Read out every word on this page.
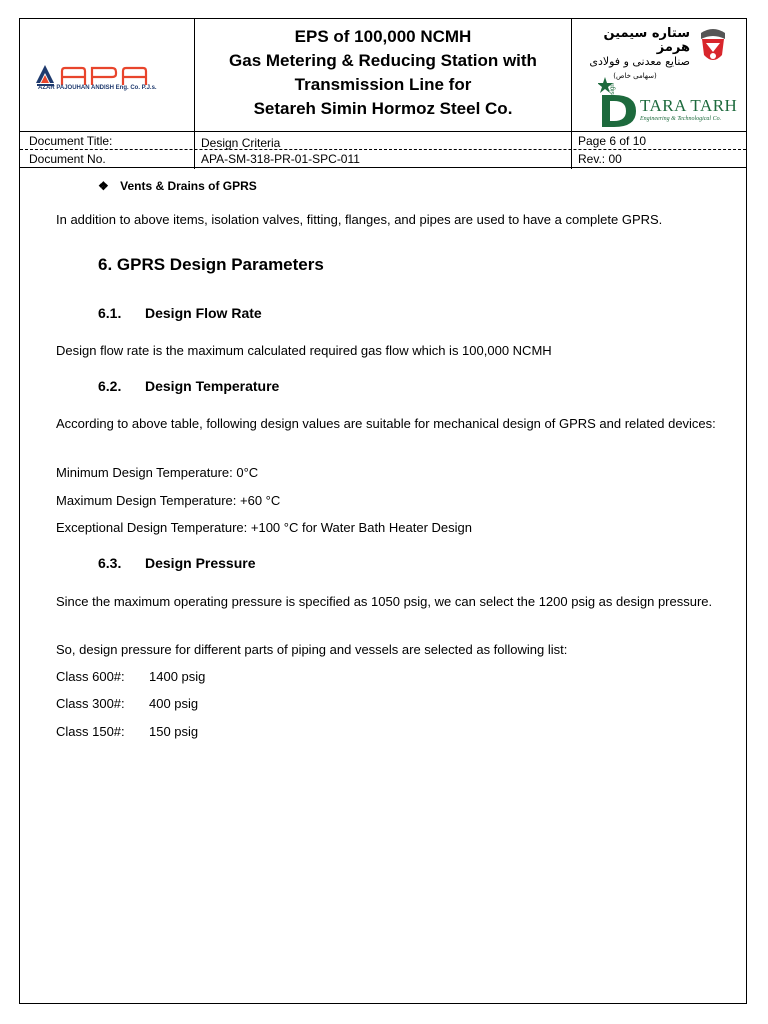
AZAR PAJOUHAN ANDISH Eng. Co. P.J.s.
EPS of 100,000 NCMH
Gas Metering & Reducing Station with
Transmission Line for
Setareh Simin Hormoz Steel Co.
ستاره سیمین هرمز
صنایع معدنی و فولادی
(سهامی خاص)
design
TARA TARH
Engineering & Technological Co.
Document Title:	Design Criteria	Page 6 of 10
Document No.	APA-SM-318-PR-01-SPC-011	Rev.: 00
❖ Vents & Drains of GPRS
In addition to above items, isolation valves, fitting, flanges, and pipes are used to have a complete GPRS.
6. GPRS Design Parameters
6.1. Design Flow Rate
Design flow rate is the maximum calculated required gas flow which is 100,000 NCMH
6.2. Design Temperature
According to above table, following design values are suitable for mechanical design of GPRS and related devices:
Minimum Design Temperature: 0°C
Maximum Design Temperature: +60 °C
Exceptional Design Temperature: +100 °C for Water Bath Heater Design
6.3. Design Pressure
Since the maximum operating pressure is specified as 1050 psig, we can select the 1200 psig as design pressure.
So, design pressure for different parts of piping and vessels are selected as following list:
Class 600#: 1400 psig
Class 300#: 400 psig
Class 150#: 150 psig
